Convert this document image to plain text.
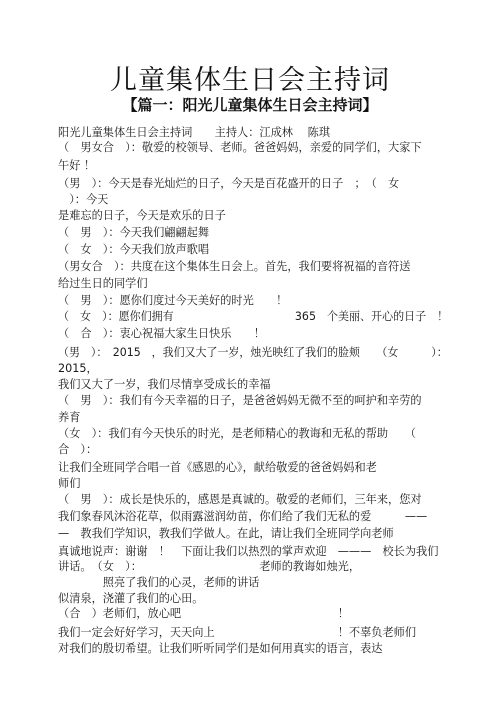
儿童集体生日会主持词
【篇一：阳光儿童集体生日会主持词】
阳光儿童集体生日会主持词　　主持人：江成林　 陈琪
（　男女合　）：敬爱的校领导、老师。爸爸妈妈，亲爱的同学们，大家下
午好 ！
（男　）：今天是春光灿烂的日子，今天是百花盛开的日子　；　（　女
　）：今天
是难忘的日子，今天是欢乐的日子
（　男　）：今天我们翩翩起舞
（　女　）：今天我们放声歌唱
（男女合　）：共度在这个集体生日会上。首先，我们要将祝福的音符送
给过生日的同学们
（　男　）：愿你们度过今天美好的时光　　！
（　女　）：愿你们拥有　　　　　　　　　　　365　个美丽、开心的日子　！
（　合　）：衷心祝福大家生日快乐　　！
（男　）：　2015　，我们又大了一岁，烛光映红了我们的脸颊　　（女　　　）：
2015，
我们又大了一岁，我们尽情享受成长的幸福
（　男　）：我们有今天幸福的日子，是爸爸妈妈无微不至的呵护和辛劳的
养育
（女　）：我们有今天快乐的时光，是老师精心的教诲和无私的帮助　　（
合　）：
让我们全班同学合唱一首《感恩的心》，献给敬爱的爸爸妈妈和老
师们
（　男　）：成长是快乐的，感恩是真诚的。敬爱的老师们，三年来，您对
我们象春风沐浴花草，似雨露滋润幼苗，你们给了我们无私的爱　　　——
—　教我们学知识，教我们学做人。在此，请让我们全班同学向老师
真诚地说声：谢谢　！　下面让我们以热烈的掌声欢迎　———　校长为我们
讲话。　（女　）：　　　　　　　　　　　老师的教诲如烛光，
　　　　照亮了我们的心灵，老师的讲话
似清泉，浇灌了我们的心田。
（合　）老师们，放心吧　　　　　　　　　　　　　　！
我们一定会好好学习，天天向上　　　　　　　　　　　！不辜负老师们
对我们的殷切希望。让我们听听同学们是如何用真实的语言，表达
